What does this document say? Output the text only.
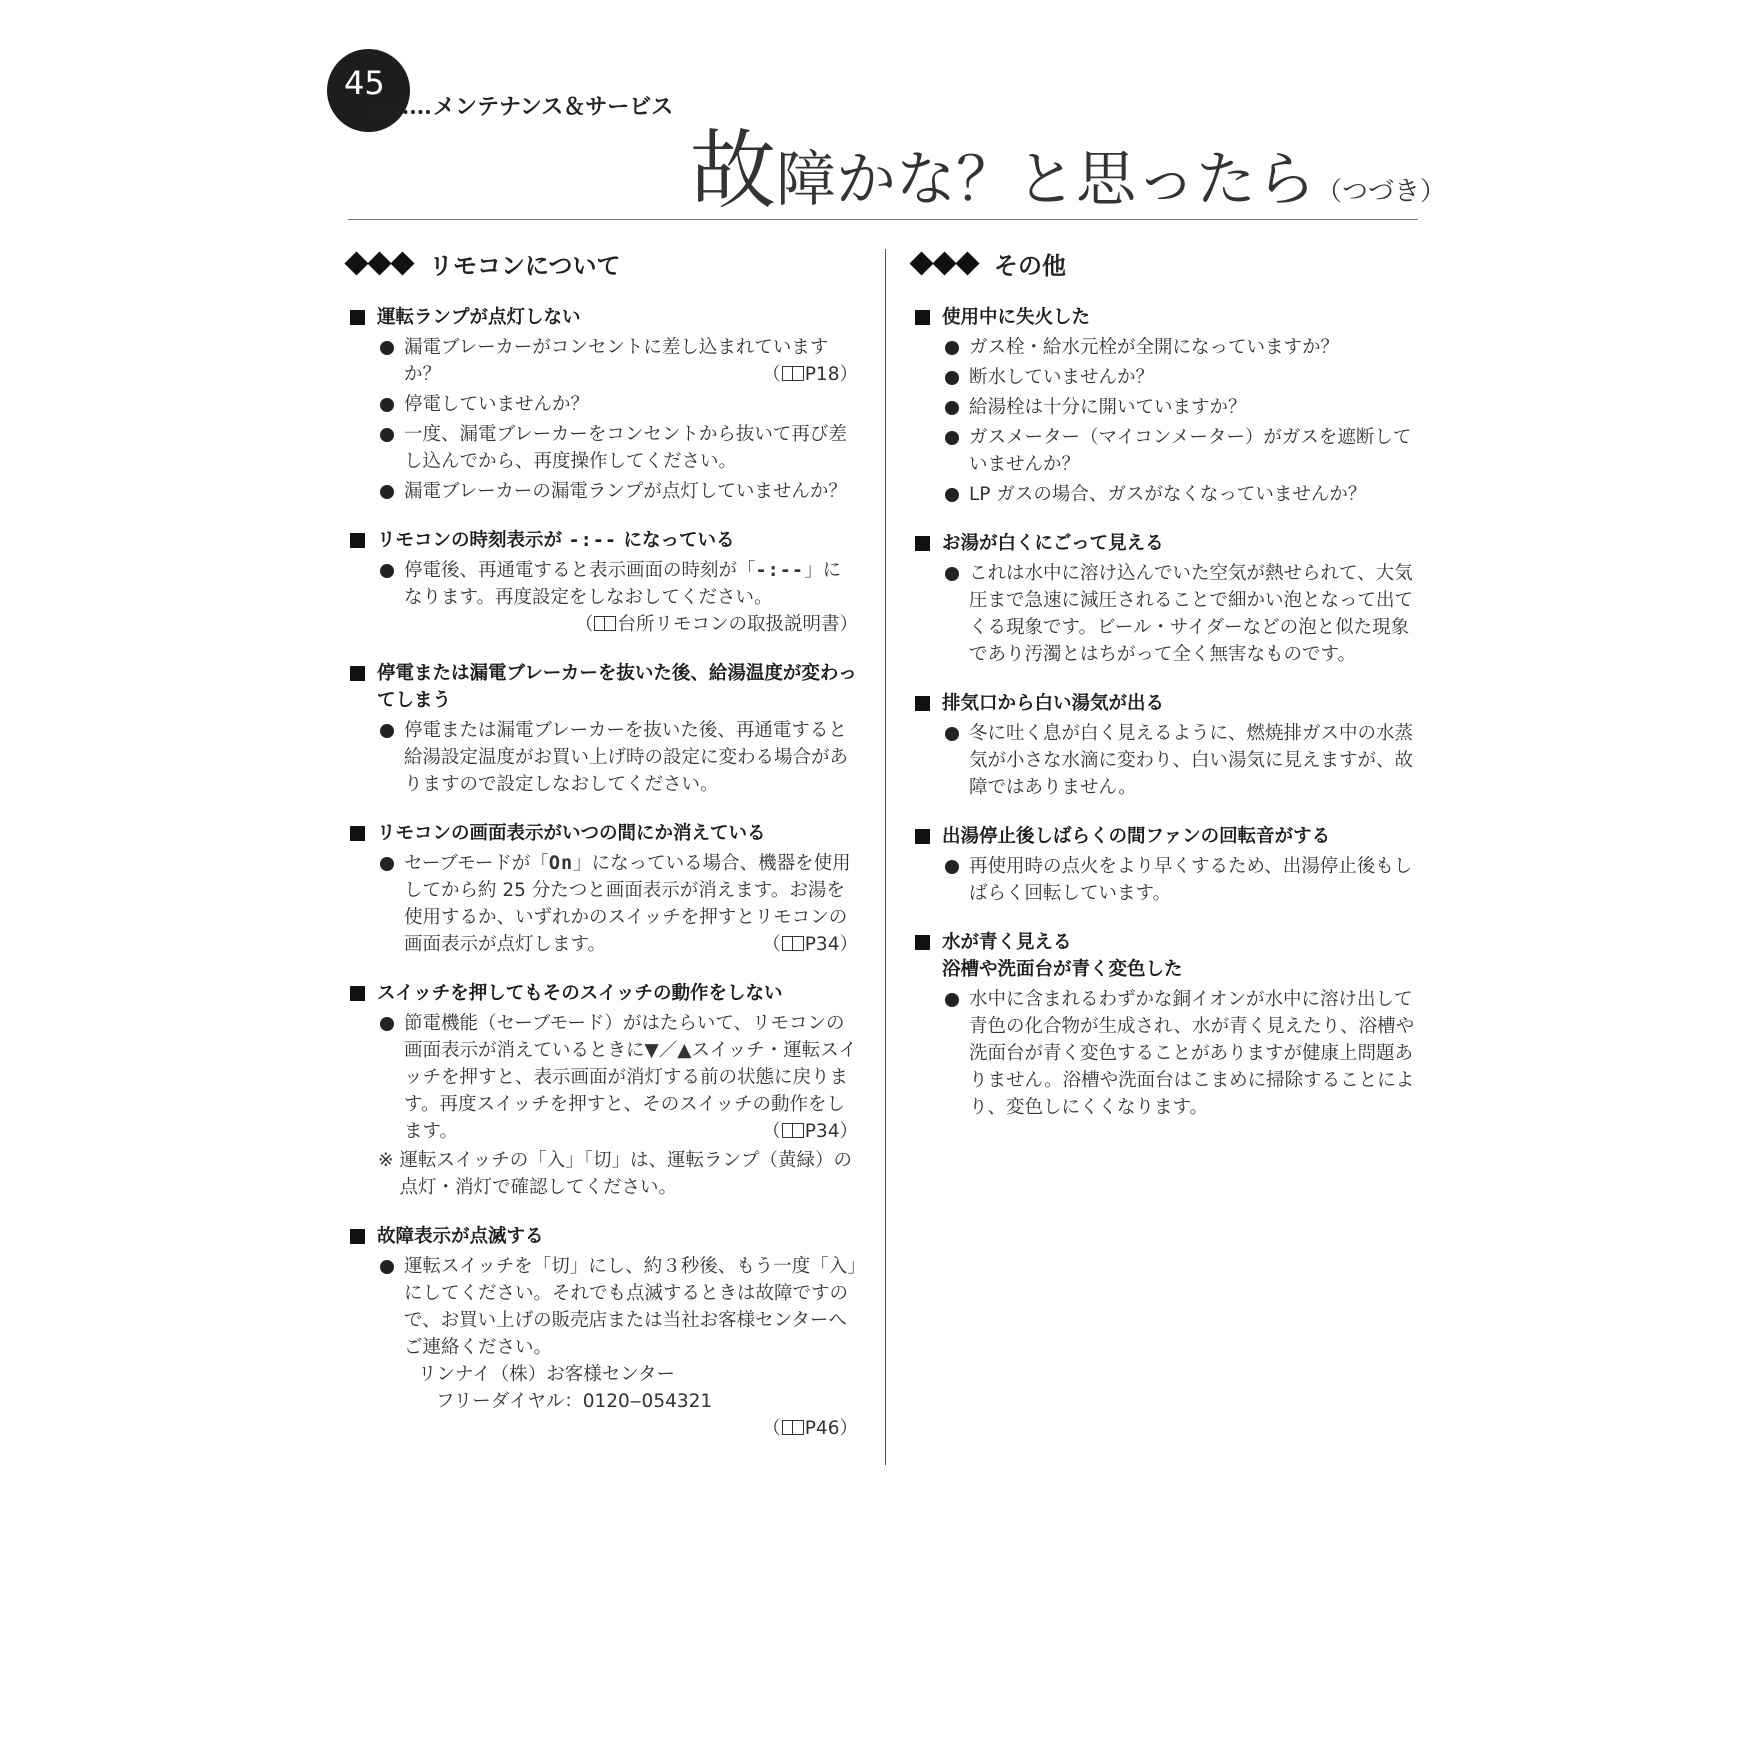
45
メンテナンス＆サービス
故障かな？と思ったら（つづき）
リモコンについて
運転ランプが点灯しない
漏電ブレーカーがコンセントに差し込まれていますか？	（ P18）
停電していませんか？
一度、漏電ブレーカーをコンセントから抜いて再び差し込んでから、再度操作してください。
漏電ブレーカーの漏電ランプが点灯していませんか？
リモコンの時刻表示が -:-- になっている
停電後、再通電すると表示画面の時刻が「-:--」になります。再度設定をしなおしてください。
（ 台所リモコンの取扱説明書）
停電または漏電ブレーカーを抜いた後、給湯温度が変わってしまう
停電または漏電ブレーカーを抜いた後、再通電すると給湯設定温度がお買い上げ時の設定に変わる場合がありますので設定しなおしてください。
リモコンの画面表示がいつの間にか消えている
セーブモードが「On」になっている場合、機器を使用してから約 25 分たつと画面表示が消えます。お湯を使用するか、いずれかのスイッチを押すとリモコンの画面表示が点灯します。	（ P34）
スイッチを押してもそのスイッチの動作をしない
節電機能（セーブモード）がはたらいて、リモコンの画面表示が消えているときに▼／▲スイッチ・運転スイッチを押すと、表示画面が消灯する前の状態に戻ります。再度スイッチを押すと、そのスイッチの動作をします。	（ P34）
※ 運転スイッチの「入」「切」は、運転ランプ（黄緑）の点灯・消灯で確認してください。
故障表示が点滅する
運転スイッチを「切」にし、約３秒後、もう一度「入」にしてください。それでも点滅するときは故障ですので、お買い上げの販売店または当社お客様センターへご連絡ください。
リンナイ（株）お客様センター
フリーダイヤル：0120‒054321
（ P46）
その他
使用中に失火した
ガス栓・給水元栓が全開になっていますか？
断水していませんか？
給湯栓は十分に開いていますか？
ガスメーター（マイコンメーター）がガスを遮断していませんか？
LP ガスの場合、ガスがなくなっていませんか？
お湯が白くにごって見える
これは水中に溶け込んでいた空気が熱せられて、大気圧まで急速に減圧されることで細かい泡となって出てくる現象です。ビール・サイダーなどの泡と似た現象であり汚濁とはちがって全く無害なものです。
排気口から白い湯気が出る
冬に吐く息が白く見えるように、燃焼排ガス中の水蒸気が小さな水滴に変わり、白い湯気に見えますが、故障ではありません。
出湯停止後しばらくの間ファンの回転音がする
再使用時の点火をより早くするため、出湯停止後もしばらく回転しています。
水が青く見える
浴槽や洗面台が青く変色した
水中に含まれるわずかな銅イオンが水中に溶け出して青色の化合物が生成され、水が青く見えたり、浴槽や洗面台が青く変色することがありますが健康上問題ありません。浴槽や洗面台はこまめに掃除することにより、変色しにくくなります。
